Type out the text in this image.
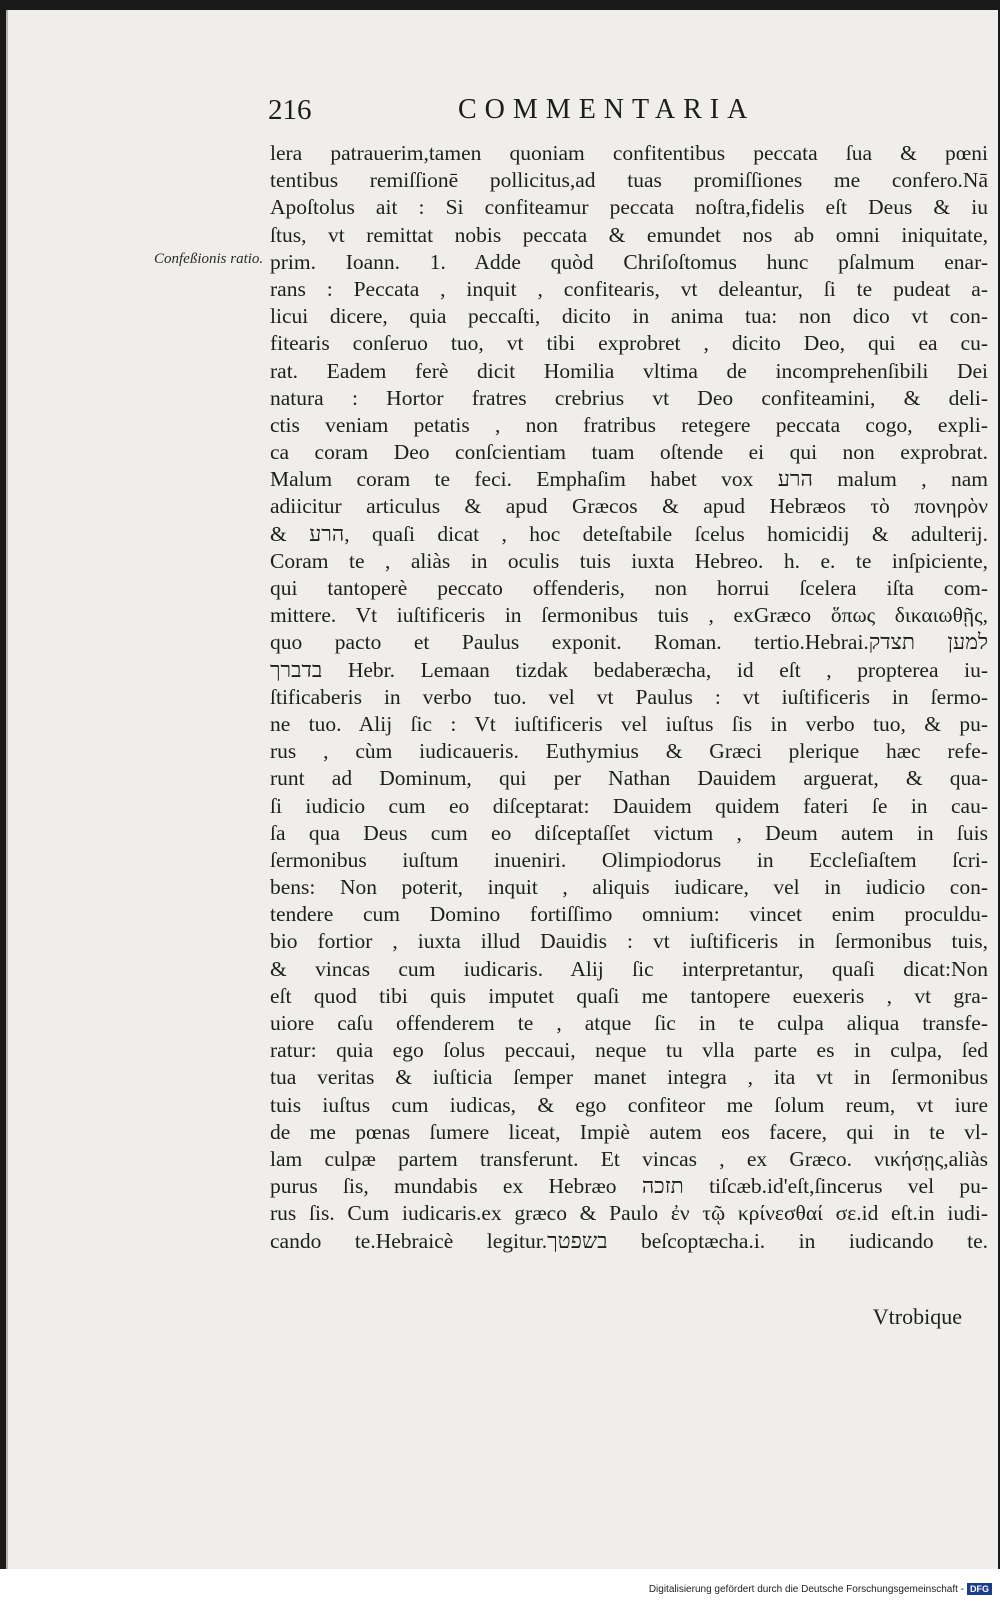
216	COMMENTARIA
Confeßionis ratio.
lera patrauerim,tamen quoniam confitentibus peccata ſua & pœni
tentibus remiſſionē pollicitus,ad tuas promiſſiones me confero.Nā
Apoſtolus ait : Si confiteamur peccata noſtra,fidelis eſt Deus & iu
ſtus, vt remittat nobis peccata & emundet nos ab omni iniquitate,
prim. Ioann. 1. Adde quòd Chriſoſtomus hunc pſalmum enar-
rans : Peccata , inquit , confitearis, vt deleantur, ſi te pudeat a-
licui dicere, quia peccaſti, dicito in anima tua: non dico vt con-
fitearis conſeruo tuo, vt tibi exprobret , dicito Deo, qui ea cu-
rat. Eadem ferè dicit Homilia vltima de incomprehenſibili Dei
natura : Hortor fratres crebrius vt Deo confiteamini, & deli-
ctis veniam petatis , non fratribus retegere peccata cogo, expli-
ca coram Deo conſcientiam tuam oſtende ei qui non exprobrat.
Malum coram te feci. Emphaſim habet vox הרע malum , nam
adiicitur articulus & apud Græcos & apud Hebræos τὸ πονηρὸν
& הרע, quaſi dicat , hoc deteſtabile ſcelus homicidij & adulterij.
Coram te , aliàs in oculis tuis iuxta Hebreo. h. e. te inſpiciente,
qui tantoperè peccato offenderis, non horrui ſcelera iſta com-
mittere. Vt iuſtificeris in ſermonibus tuis , exGræco ὅπως δικαιωθῇς,
quo pacto et Paulus exponit. Roman. tertio.Hebrai.למען תצדק
בדברך Hebr. Lemaan tizdak bedaberæcha, id eſt , propterea iu-
ſtificaberis in verbo tuo. vel vt Paulus : vt iuſtificeris in ſermo-
ne tuo. Alij ſic : Vt iuſtificeris vel iuſtus ſis in verbo tuo, & pu-
rus , cùm iudicaueris. Euthymius & Græci plerique hæc refe-
runt ad Dominum, qui per Nathan Dauidem arguerat, & qua-
ſi iudicio cum eo diſceptarat: Dauidem quidem fateri ſe in cau-
ſa qua Deus cum eo diſceptaſſet victum , Deum autem in ſuis
ſermonibus iuſtum inueniri. Olimpiodorus in Eccleſiaſtem ſcri-
bens: Non poterit, inquit , aliquis iudicare, vel in iudicio con-
tendere cum Domino fortiſſimo omnium: vincet enim proculdu-
bio fortior , iuxta illud Dauidis : vt iuſtificeris in ſermonibus tuis,
& vincas cum iudicaris. Alij ſic interpretantur, quaſi dicat:Non
eſt quod tibi quis imputet quaſi me tantopere euexeris , vt gra-
uiore caſu offenderem te , atque ſic in te culpa aliqua transfe-
ratur: quia ego ſolus peccaui, neque tu vlla parte es in culpa, ſed
tua veritas & iuſticia ſemper manet integra , ita vt in ſermonibus
tuis iuſtus cum iudicas, & ego confiteor me ſolum reum, vt iure
de me pœnas ſumere liceat, Impiè autem eos facere, qui in te vl-
lam culpæ partem transferunt. Et vincas , ex Græco. νικήσῃς,aliàs
purus ſis, mundabis ex Hebræo תזכה tiſcæb.id'eſt,ſincerus vel pu-
rus ſis. Cum iudicaris.ex græco & Paulo ἐν τῷ κρίνεσθαί σε.id eſt.in iudi-
cando te.Hebraicè legitur.בשפטך beſcoptæcha.i. in iudicando te.
Vtrobique
Digitalisierung gefördert durch die Deutsche Forschungsgemeinschaft - DFG
